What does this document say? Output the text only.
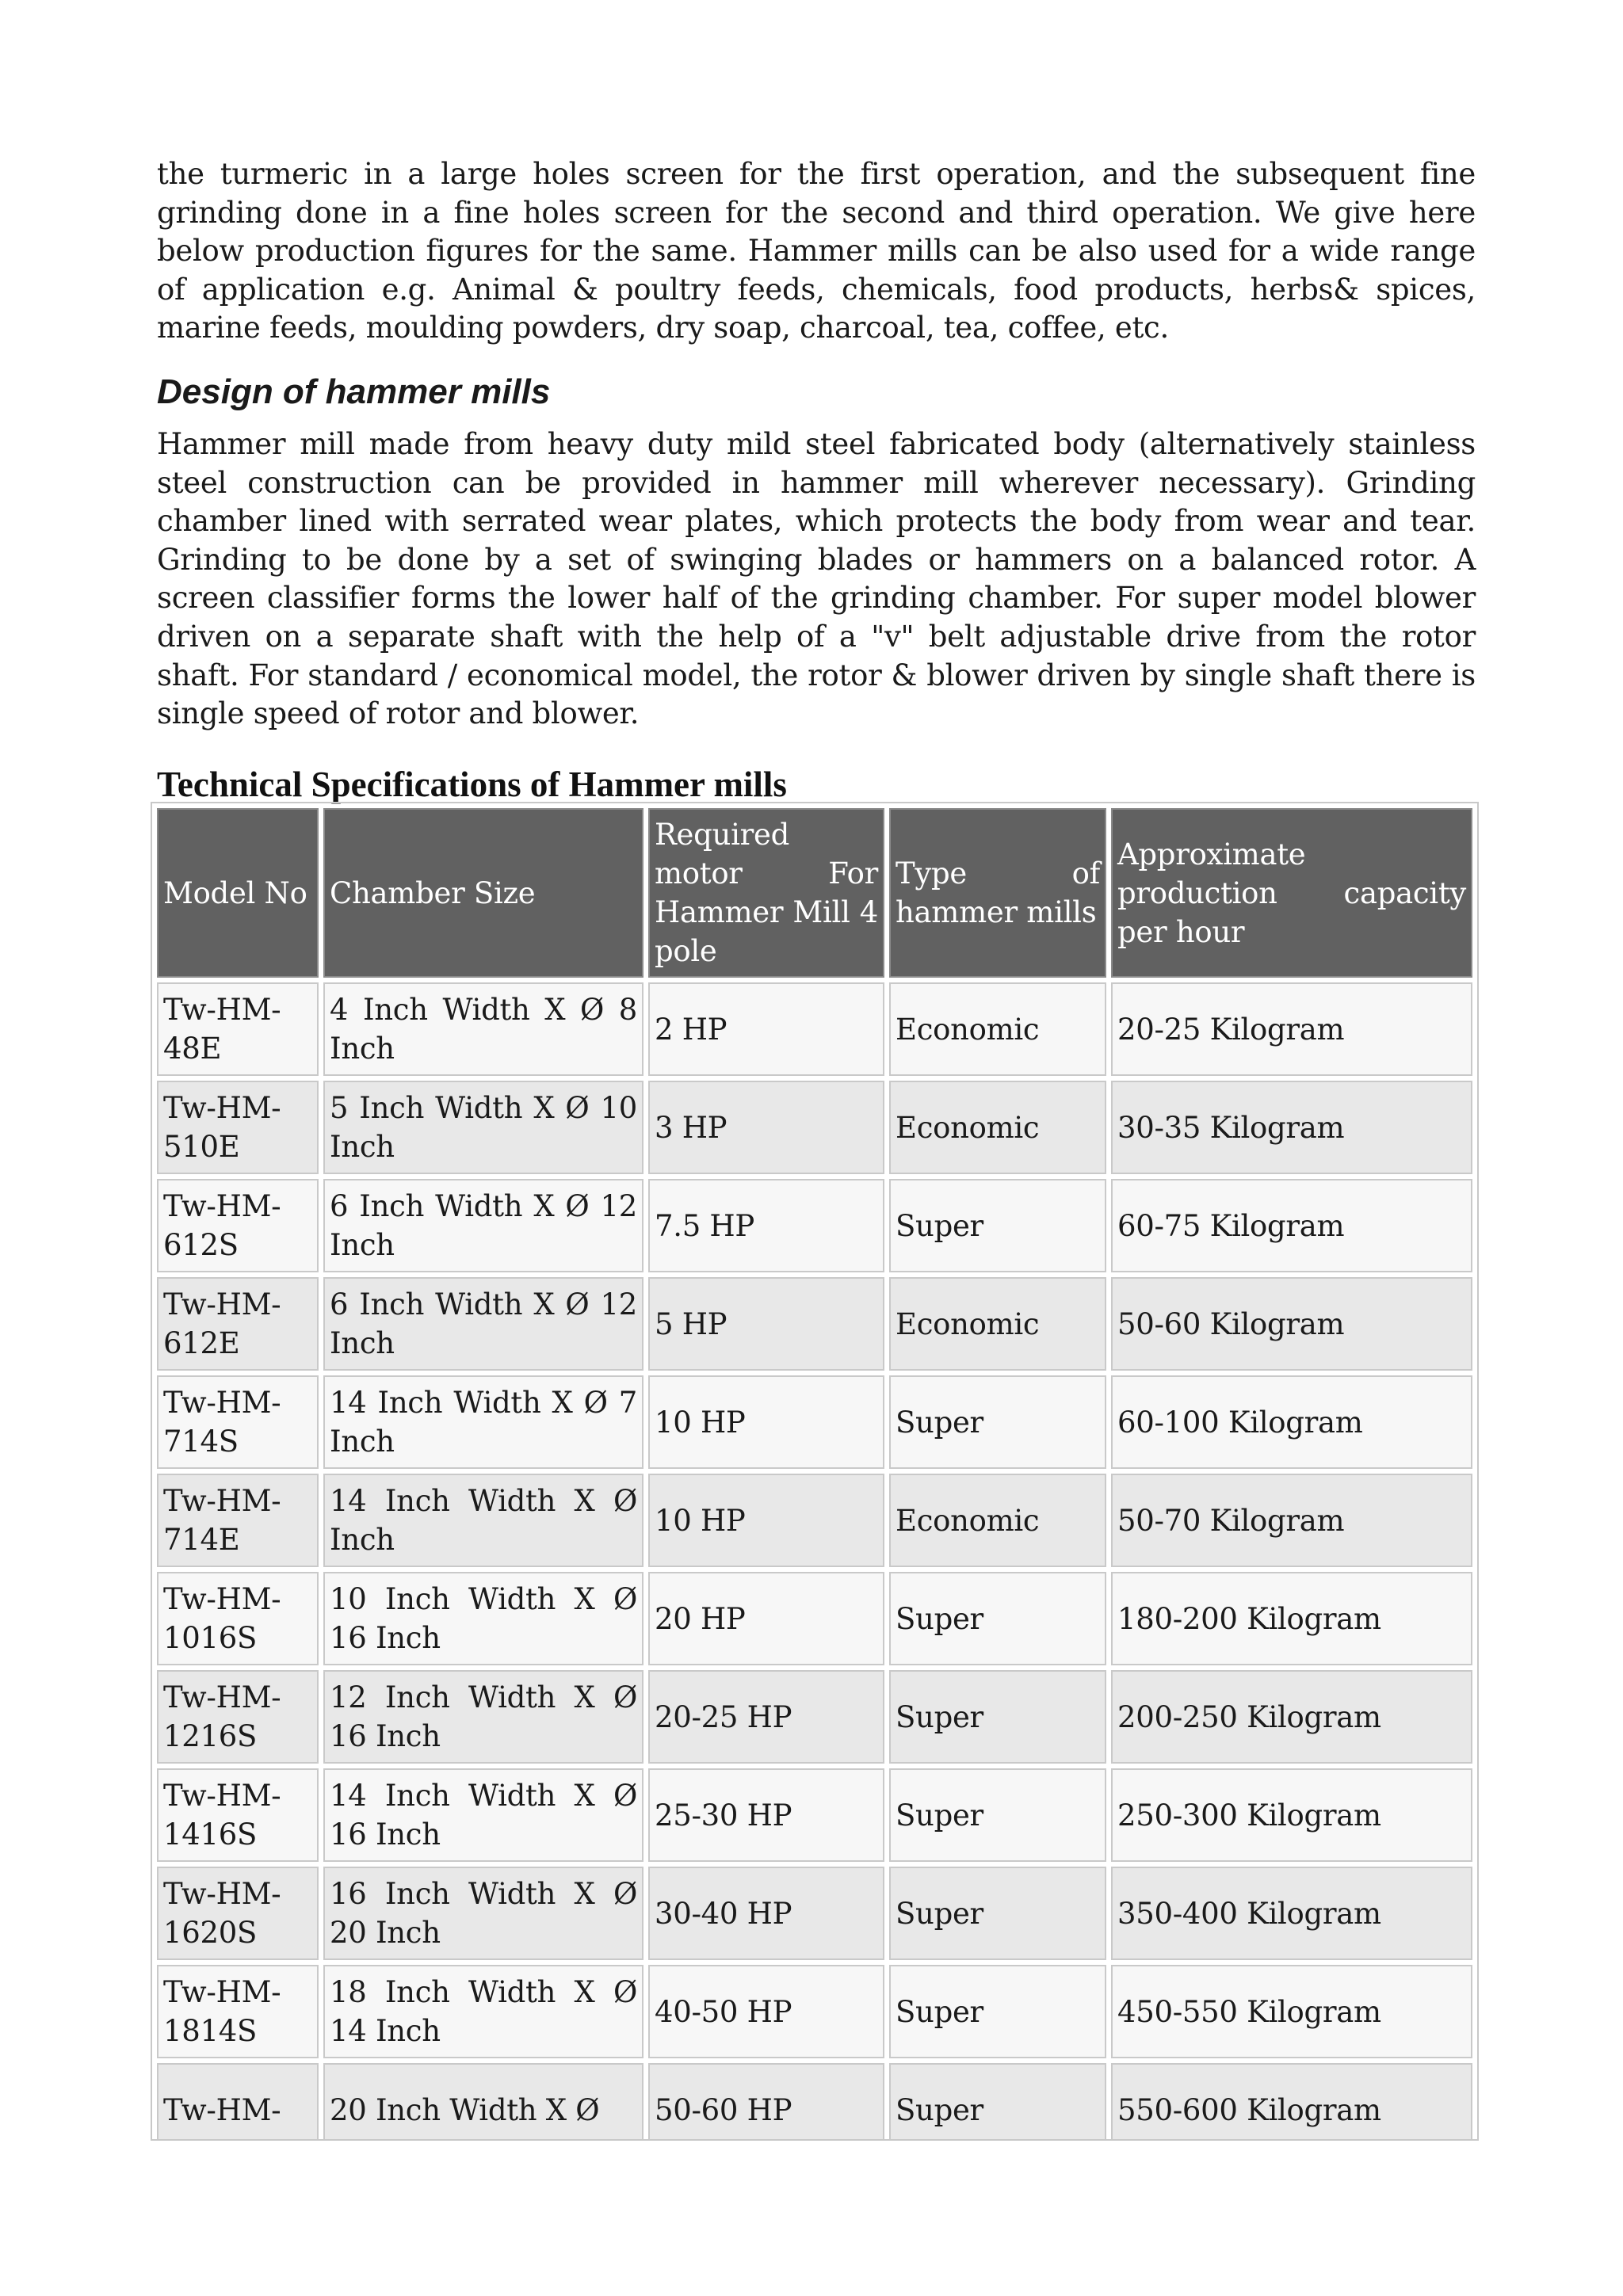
the turmeric in a large holes screen for the first operation, and the subsequent fine grinding done in a fine holes screen for the second and third operation. We give here below production figures for the same. Hammer mills can be also used for a wide range of application e.g. Animal & poultry feeds, chemicals, food products, herbs& spices, marine feeds, moulding powders, dry soap, charcoal, tea, coffee, etc.

Design of hammer mills

Hammer mill made from heavy duty mild steel fabricated body (alternatively stainless steel construction can be provided in hammer mill wherever necessary). Grinding chamber lined with serrated wear plates, which protects the body from wear and tear. Grinding to be done by a set of swinging blades or hammers on a balanced rotor. A screen classifier forms the lower half of the grinding chamber. For super model blower driven on a separate shaft with the help of a "v" belt adjustable drive from the rotor shaft. For standard / economical model, the rotor & blower driven by single shaft there is single speed of rotor and blower.

Technical Specifications of Hammer mills
Model No	Chamber Size	Required motor For Hammer Mill 4 pole	Type of hammer mills	Approximate production capacity per hour
Tw-HM-48E	4 Inch Width X Ø 8 Inch	2 HP	Economic	20-25 Kilogram
Tw-HM-510E	5 Inch Width X Ø 10 Inch	3 HP	Economic	30-35 Kilogram
Tw-HM-612S	6 Inch Width X Ø 12 Inch	7.5 HP	Super	60-75 Kilogram
Tw-HM-612E	6 Inch Width X Ø 12 Inch	5 HP	Economic	50-60 Kilogram
Tw-HM-714S	14 Inch Width X Ø 7 Inch	10 HP	Super	60-100 Kilogram
Tw-HM-714E	14 Inch Width X Ø Inch	10 HP	Economic	50-70 Kilogram
Tw-HM-1016S	10 Inch Width X Ø 16 Inch	20 HP	Super	180-200 Kilogram
Tw-HM-1216S	12 Inch Width X Ø 16 Inch	20-25 HP	Super	200-250 Kilogram
Tw-HM-1416S	14 Inch Width X Ø 16 Inch	25-30 HP	Super	250-300 Kilogram
Tw-HM-1620S	16 Inch Width X Ø 20 Inch	30-40 HP	Super	350-400 Kilogram
Tw-HM-1814S	18 Inch Width X Ø 14 Inch	40-50 HP	Super	450-550 Kilogram
Tw-HM-	20 Inch Width X Ø	50-60 HP	Super	550-600 Kilogram
